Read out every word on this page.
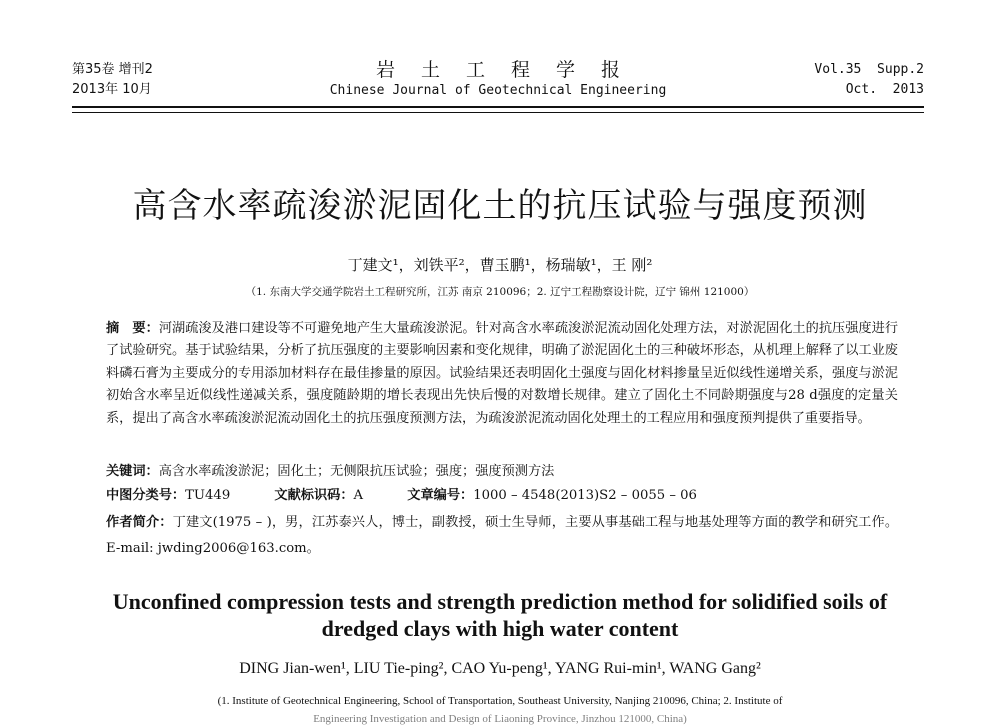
第35卷 增刊2
2013年 10月
岩土工程学报
Chinese Journal of Geotechnical Engineering
Vol.35  Supp.2
Oct.  2013
高含水率疏浚淤泥固化土的抗压试验与强度预测
丁建文¹，刘铁平²，曹玉鹏¹，杨瑞敏¹，王 刚²
（1. 东南大学交通学院岩土工程研究所，江苏 南京 210096；2. 辽宁工程勘察设计院，辽宁 锦州 121000）

摘　要：河湖疏浚及港口建设等不可避免地产生大量疏浚淤泥。针对高含水率疏浚淤泥流动固化处理方法，对淤泥固化土的抗压强度进行了试验研究。基于试验结果，分析了抗压强度的主要影响因素和变化规律，明确了淤泥固化土的三种破坏形态，从机理上解释了以工业废料磷石膏为主要成分的专用添加材料存在最佳掺量的原因。试验结果还表明固化土强度与固化材料掺量呈近似线性递增关系，强度与淤泥初始含水率呈近似线性递减关系，强度随龄期的增长表现出先快后慢的对数增长规律。建立了固化土不同龄期强度与28 d强度的定量关系，提出了高含水率疏浚淤泥流动固化土的抗压强度预测方法，为疏浚淤泥流动固化处理土的工程应用和强度预判提供了重要指导。

关键词：高含水率疏浚淤泥；固化土；无侧限抗压试验；强度；强度预测方法
中图分类号：TU449	文献标识码：A	文章编号：1000 – 4548(2013)S2 – 0055 – 06
作者简介：丁建文(1975 – )，男，江苏泰兴人，博士，副教授，硕士生导师，主要从事基础工程与地基处理等方面的教学和研究工作。E-mail: jwding2006@163.com。
Unconfined compression tests and strength prediction method for solidified soils of dredged clays with high water content
DING Jian-wen¹, LIU Tie-ping², CAO Yu-peng¹, YANG Rui-min¹, WANG Gang²
(1. Institute of Geotechnical Engineering, School of Transportation, Southeast University, Nanjing 210096, China; 2. Institute of
Engineering Investigation and Design of Liaoning Province, Jinzhou 121000, China)
